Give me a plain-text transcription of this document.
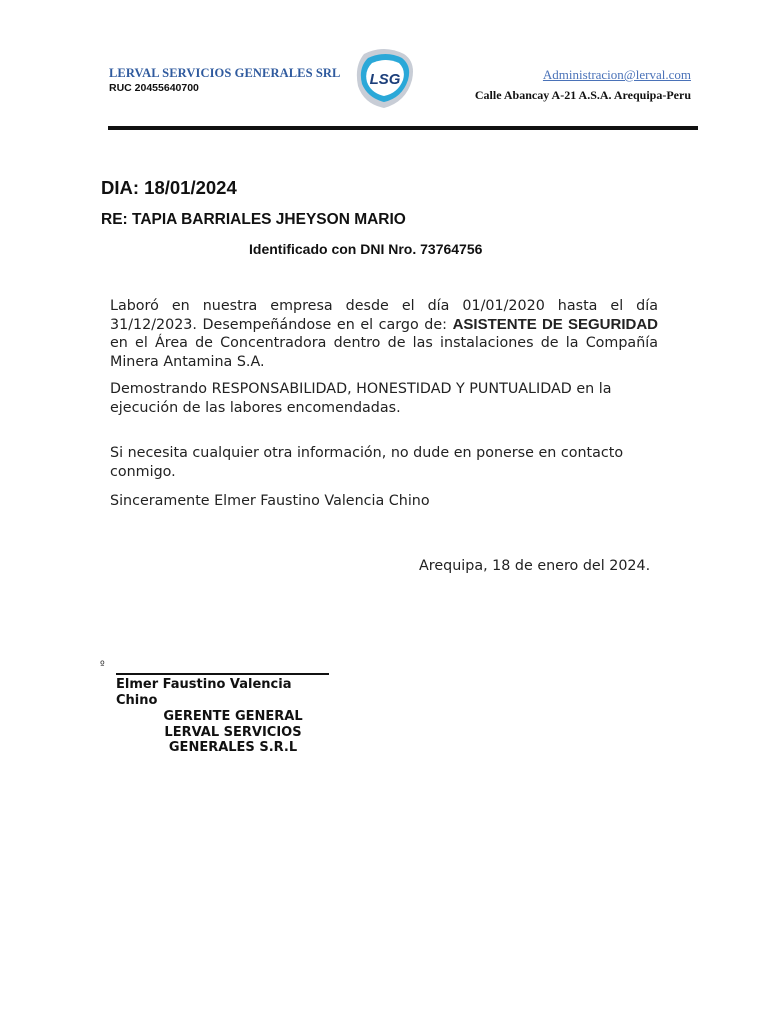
LERVAL SERVICIOS GENERALES SRL
RUC 20455640700	LSG	Administracion@lerval.com
Calle Abancay A-21 A.S.A. Arequipa-Peru
DIA: 18/01/2024
RE: TAPIA BARRIALES JHEYSON MARIO
Identificado con DNI Nro. 73764756
Laboró en nuestra empresa desde el día 01/01/2020 hasta el día 31/12/2023. Desempeñándose en el cargo de: ASISTENTE DE SEGURIDAD en el Área de Concentradora dentro de las instalaciones de la Compañía Minera Antamina S.A.
Demostrando RESPONSABILIDAD, HONESTIDAD Y PUNTUALIDAD en la
ejecución de las labores encomendadas.
Si necesita cualquier otra información, no dude en ponerse en contacto conmigo.
Sinceramente Elmer Faustino Valencia Chino
Arequipa, 18 de enero del 2024.
º
Elmer Faustino Valencia Chino
GERENTE GENERAL
LERVAL SERVICIOS
GENERALES S.R.L
